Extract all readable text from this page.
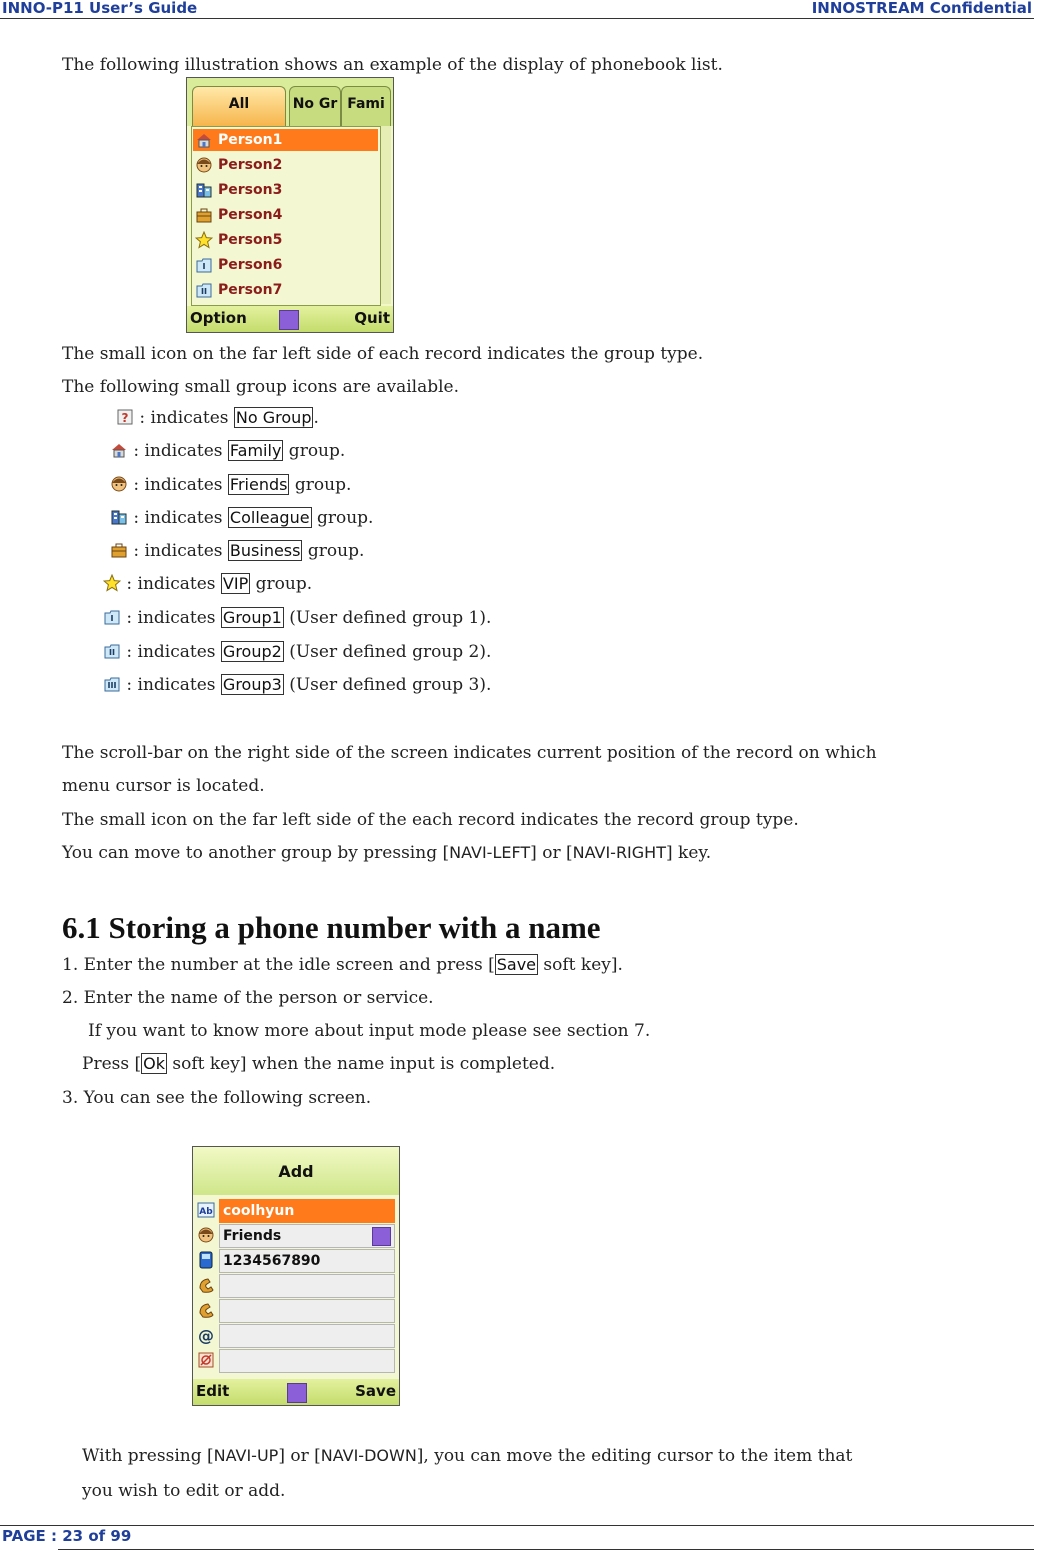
INNO-P11 User’s Guide	INNOSTREAM Confidential
The following illustration shows an example of the display of phonebook list.
All	No Gr Fami
Person1
Person2
Person3
Person4
Person5
Person6
Person7
Option	Quit
The small icon on the far left side of each record indicates the group type.
The following small group icons are available.
? : indicates No Group .
: indicates Family group.
: indicates Friends group.
: indicates Colleague group.
: indicates Business group.
: indicates VIP group.
: indicates Group1 (User defined group 1).
: indicates Group2 (User defined group 2).
: indicates Group3 (User defined group 3).
The scroll-bar on the right side of the screen indicates current position of the record on which
menu cursor is located.
The small icon on the far left side of the each record indicates the record group type.
You can move to another group by pressing [NAVI-LEFT] or [NAVI-RIGHT] key.
6.1 Storing a phone number with a name
1. Enter the number at the idle screen and press [ Save soft key].
2. Enter the name of the person or service.
If you want to know more about input mode please see section 7.
Press [ Ok soft key] when the name input is completed.
3. You can see the following screen.
Add
Ab coolhyun
Friends
1234567890
@
Edit	Save
With pressing [NAVI-UP] or [NAVI-DOWN], you can move the editing cursor to the item that
you wish to edit or add.
PAGE : 23 of 99
